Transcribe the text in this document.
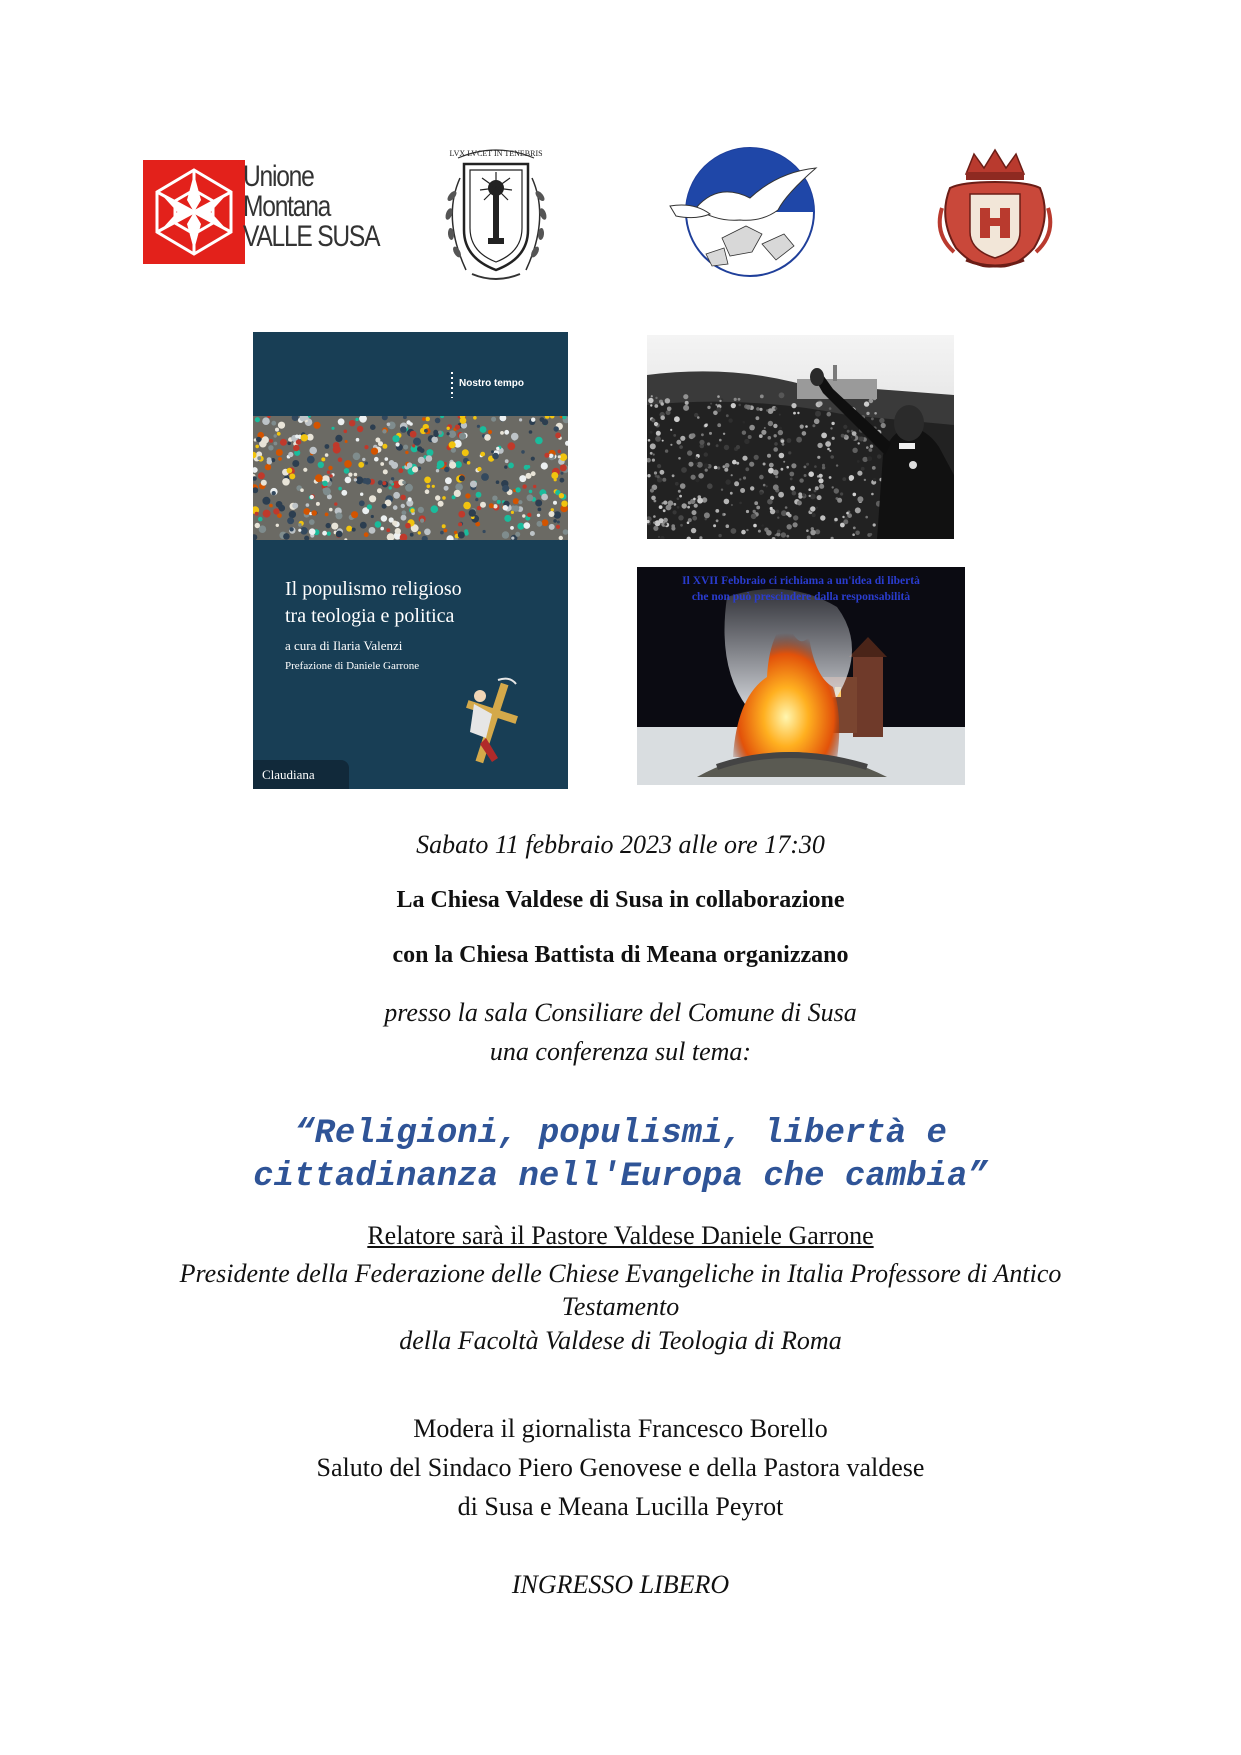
Unione
Montana
VALLE SUSA
LVX LVCET IN TENEBRIS
Nostro tempo
Il populismo religioso
tra teologia e politica
a cura di Ilaria Valenzi
Prefazione di Daniele Garrone
Claudiana
Il XVII Febbraio ci richiama a un'idea di libertà
che non può prescindere dalla responsabilità
Sabato 11 febbraio 2023 alle ore 17:30
La Chiesa Valdese di Susa in collaborazione
con la Chiesa Battista di Meana organizzano
presso la sala Consiliare del Comune di Susa
una conferenza sul tema:
“Religioni, populismi, libertà e
cittadinanza nell'Europa che cambia”
Relatore sarà il Pastore Valdese Daniele Garrone
Presidente della Federazione delle Chiese Evangeliche in Italia Professore di Antico
Testamento
della Facoltà Valdese di Teologia di Roma
Modera il giornalista Francesco Borello
Saluto del Sindaco Piero Genovese e della Pastora valdese
di Susa e Meana Lucilla Peyrot
INGRESSO LIBERO
